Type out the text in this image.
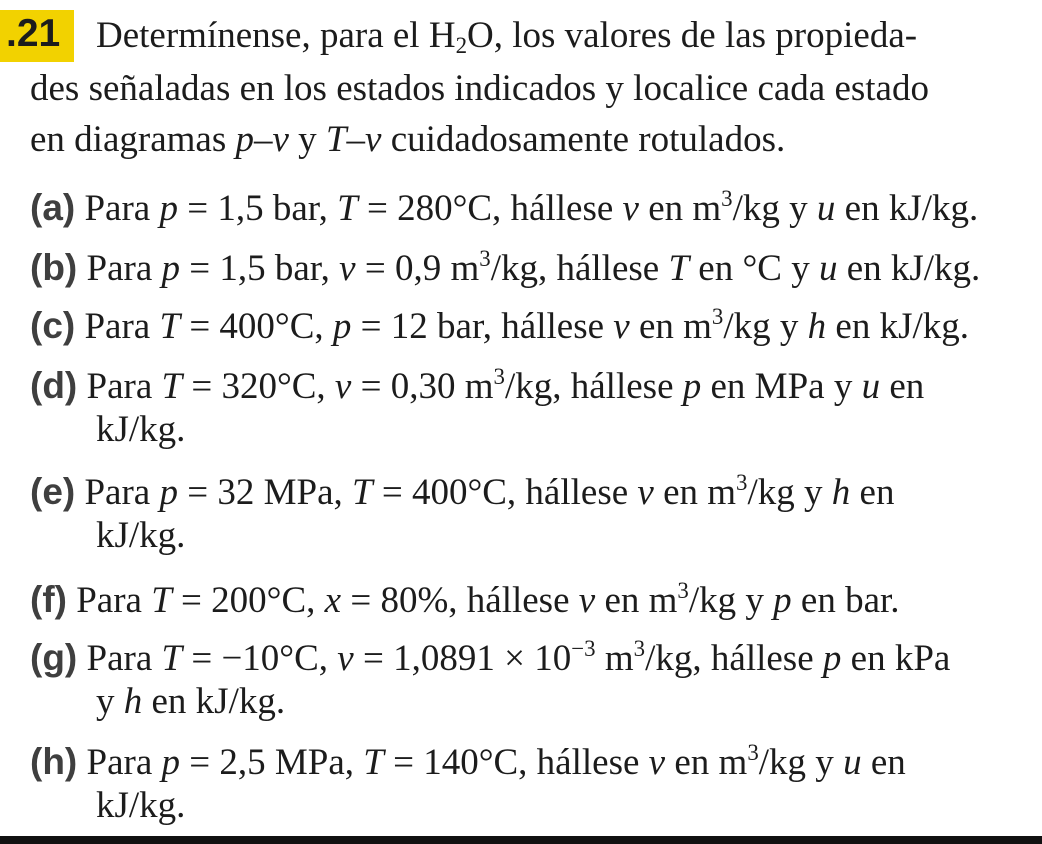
.21 Determínense, para el $H_2O$, los valores de las propieda-
des señaladas en los estados indicados y localice cada estado
en diagramas p–v y T–v cuidadosamente rotulados.
(a) Para p = 1,5 bar, T = 280°C, hállese v en $m^3/kg$ y u en kJ/kg.
(b) Para p = 1,5 bar, v = 0,9 $m^3/kg$, hállese T en °C y u en kJ/kg.
(c) Para T = 400°C, p = 12 bar, hállese v en $m^3/kg$ y h en kJ/kg.
(d) Para T = 320°C, v = 0,30 $m^3/kg$, hállese p en MPa y u en
kJ/kg.
(e) Para p = 32 MPa, T = 400°C, hállese v en $m^3/kg$ y h en
kJ/kg.
(f) Para T = 200°C, x = 80%, hállese v en $m^3/kg$ y p en bar.
(g) Para T = −10°C, $v = 1,0891 \times 10^{-3}$ $m^3/kg$, hállese p en kPa
y h en kJ/kg.
(h) Para p = 2,5 MPa, T = 140°C, hállese v en $m^3/kg$ y u en
kJ/kg.
